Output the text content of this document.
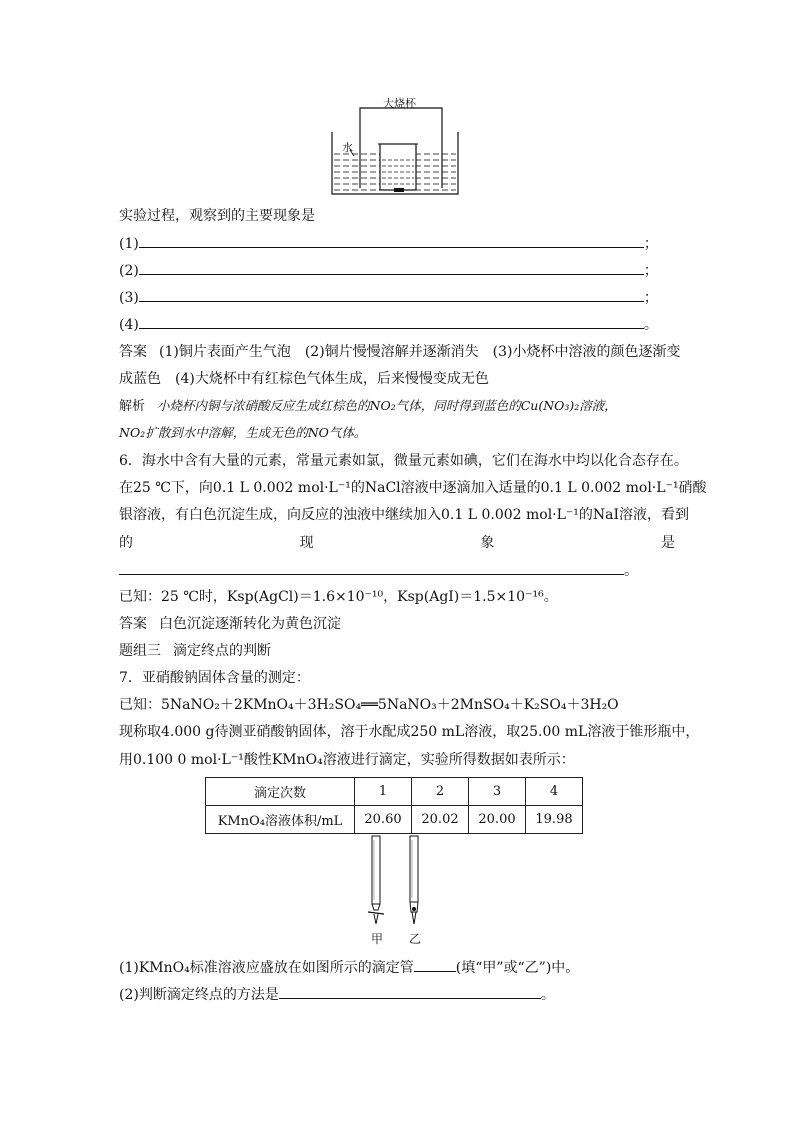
大烧杯
水
实验过程，观察到的主要现象是
(1)	；
(2)	；
(3)	；
(4)	。
答案 (1)铜片表面产生气泡　(2)铜片慢慢溶解并逐渐消失　(3)小烧杯中溶液的颜色逐渐变
成蓝色　(4)大烧杯中有红棕色气体生成，后来慢慢变成无色
解析 小烧杯内铜与浓硝酸反应生成红棕色的NO₂气体，同时得到蓝色的Cu(NO₃)₂溶液，
NO₂扩散到水中溶解，生成无色的NO气体。
6．海水中含有大量的元素，常量元素如氯，微量元素如碘，它们在海水中均以化合态存在。
在25 ℃下，向0.1 L 0.002 mol·L⁻¹的NaCl溶液中逐滴加入适量的0.1 L 0.002 mol·L⁻¹硝酸
银溶液，有白色沉淀生成，向反应的浊液中继续加入0.1 L 0.002 mol·L⁻¹的NaI溶液，看到
的	现	象	是
。
已知：25 ℃时，Ksp(AgCl)＝1.6×10⁻¹⁰，Ksp(AgI)＝1.5×10⁻¹⁶。
答案 白色沉淀逐渐转化为黄色沉淀
题组三 滴定终点的判断
7．亚硝酸钠固体含量的测定：
已知：5NaNO₂＋2KMnO₄＋3H₂SO₄══5NaNO₃＋2MnSO₄＋K₂SO₄＋3H₂O
现称取4.000 g待测亚硝酸钠固体，溶于水配成250 mL溶液，取25.00 mL溶液于锥形瓶中，
用0.100 0 mol·L⁻¹酸性KMnO₄溶液进行滴定，实验所得数据如表所示：
滴定次数	1	2	3	4
KMnO₄溶液体积/mL	20.60	20.02	20.00	19.98
甲 乙
(1)KMnO₄标准溶液应盛放在如图所示的滴定管	(填“甲”或“乙”)中。
(2)判断滴定终点的方法是	。
